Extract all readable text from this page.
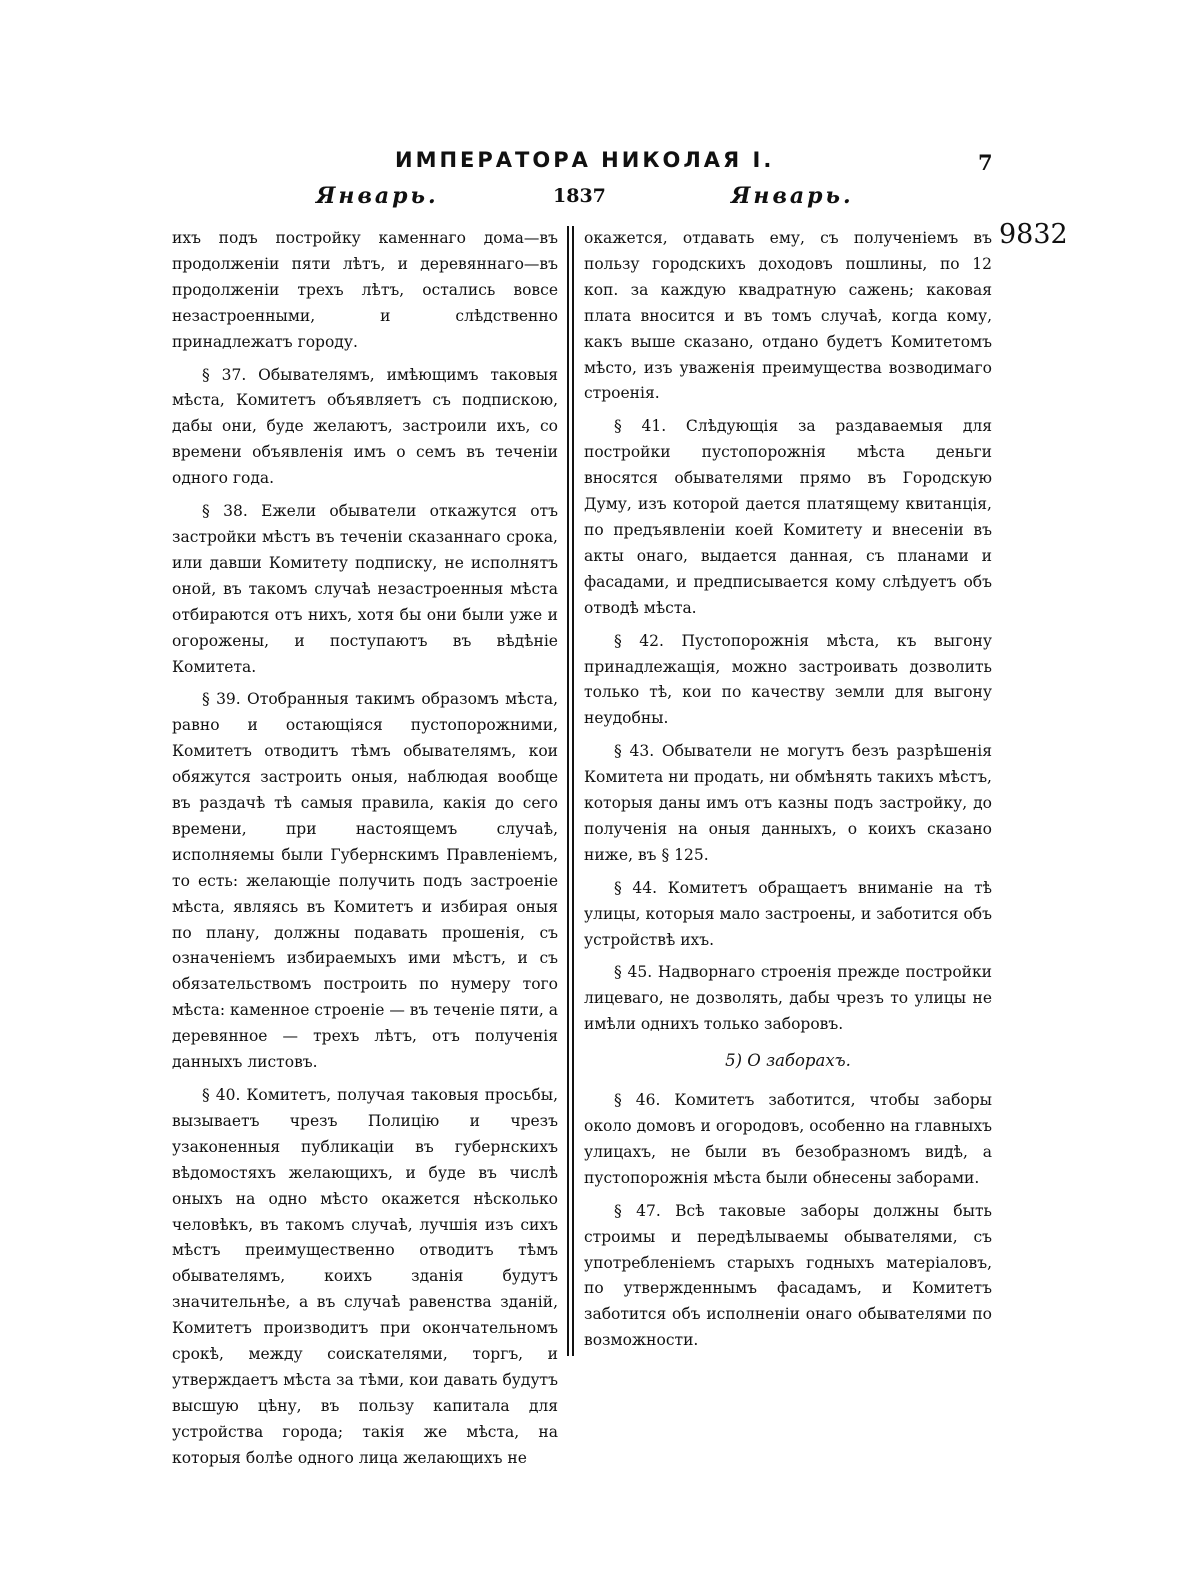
ИМПЕРАТОРА НИКОЛАЯ I.	7
Январь.	1837	Январь.
9832

ихъ подъ постройку каменнаго дома—въ продолженіи пяти лѣтъ, и деревяннаго—въ продолженіи трехъ лѣтъ, остались вовсе незастроенными, и слѣдственно принадлежатъ городу.

§ 37. Обывателямъ, имѣющимъ таковыя мѣста, Комитетъ объявляетъ съ подпискою, дабы они, буде желаютъ, застроили ихъ, со времени объявленія имъ о семъ въ теченіи одного года.

§ 38. Ежели обыватели откажутся отъ застройки мѣстъ въ теченіи сказаннаго срока, или давши Комитету подписку, не исполнятъ оной, въ такомъ случаѣ незастроенныя мѣста отбираются отъ нихъ, хотя бы они были уже и огорожены, и поступаютъ въ вѣдѣніе Комитета.

§ 39. Отобранныя такимъ образомъ мѣста, равно и остающіяся пустопорожними, Комитетъ отводитъ тѣмъ обывателямъ, кои обяжутся застроить оныя, наблюдая вообще въ раздачѣ тѣ самыя правила, какія до сего времени, при настоящемъ случаѣ, исполняемы были Губернскимъ Правленіемъ, то есть: желающіе получить подъ застроеніе мѣста, являясь въ Комитетъ и избирая оныя по плану, должны подавать прошенія, съ означеніемъ избираемыхъ ими мѣстъ, и съ обязательствомъ построить по нумеру того мѣста: каменное строеніе — въ теченіе пяти, а деревянное — трехъ лѣтъ, отъ полученія данныхъ листовъ.

§ 40. Комитетъ, получая таковыя просьбы, вызываетъ чрезъ Полицію и чрезъ узаконенныя публикаціи въ губернскихъ вѣдомостяхъ желающихъ, и буде въ числѣ оныхъ на одно мѣсто окажется нѣсколько человѣкъ, въ такомъ случаѣ, лучшія изъ сихъ мѣстъ преимущественно отводитъ тѣмъ обывателямъ, коихъ зданія будутъ значительнѣе, а въ случаѣ равенства зданій, Комитетъ производитъ при окончательномъ срокѣ, между соискателями, торгъ, и утверждаетъ мѣста за тѣми, кои давать будутъ высшую цѣну, въ пользу капитала для устройства города; такія же мѣста, на которыя болѣе одного лица желающихъ не

окажется, отдавать ему, съ полученіемъ въ пользу городскихъ доходовъ пошлины, по 12 коп. за каждую квадратную сажень; каковая плата вносится и въ томъ случаѣ, когда кому, какъ выше сказано, отдано будетъ Комитетомъ мѣсто, изъ уваженія преимущества возводимаго строенія.

§ 41. Слѣдующія за раздаваемыя для постройки пустопорожнія мѣста деньги вносятся обывателями прямо въ Городскую Думу, изъ которой дается платящему квитанція, по предъявленіи коей Комитету и внесеніи въ акты онаго, выдается данная, съ планами и фасадами, и предписывается кому слѣдуетъ объ отводѣ мѣста.

§ 42. Пустопорожнія мѣста, къ выгону принадлежащія, можно застроивать дозволить только тѣ, кои по качеству земли для выгону неудобны.

§ 43. Обыватели не могутъ безъ разрѣшенія Комитета ни продать, ни обмѣнять такихъ мѣстъ, которыя даны имъ отъ казны подъ застройку, до полученія на оныя данныхъ, о коихъ сказано ниже, въ § 125.

§ 44. Комитетъ обращаетъ вниманіе на тѣ улицы, которыя мало застроены, и заботится объ устройствѣ ихъ.

§ 45. Надворнаго строенія прежде постройки лицеваго, не дозволять, дабы чрезъ то улицы не имѣли однихъ только заборовъ.

5) О заборахъ.

§ 46. Комитетъ заботится, чтобы заборы около домовъ и огородовъ, особенно на главныхъ улицахъ, не были въ безобразномъ видѣ, а пустопорожнія мѣста были обнесены заборами.

§ 47. Всѣ таковые заборы должны быть строимы и передѣлываемы обывателями, съ употребленіемъ старыхъ годныхъ матеріаловъ, по утвержденнымъ фасадамъ, и Комитетъ заботится объ исполненіи онаго обывателями по возможности.
